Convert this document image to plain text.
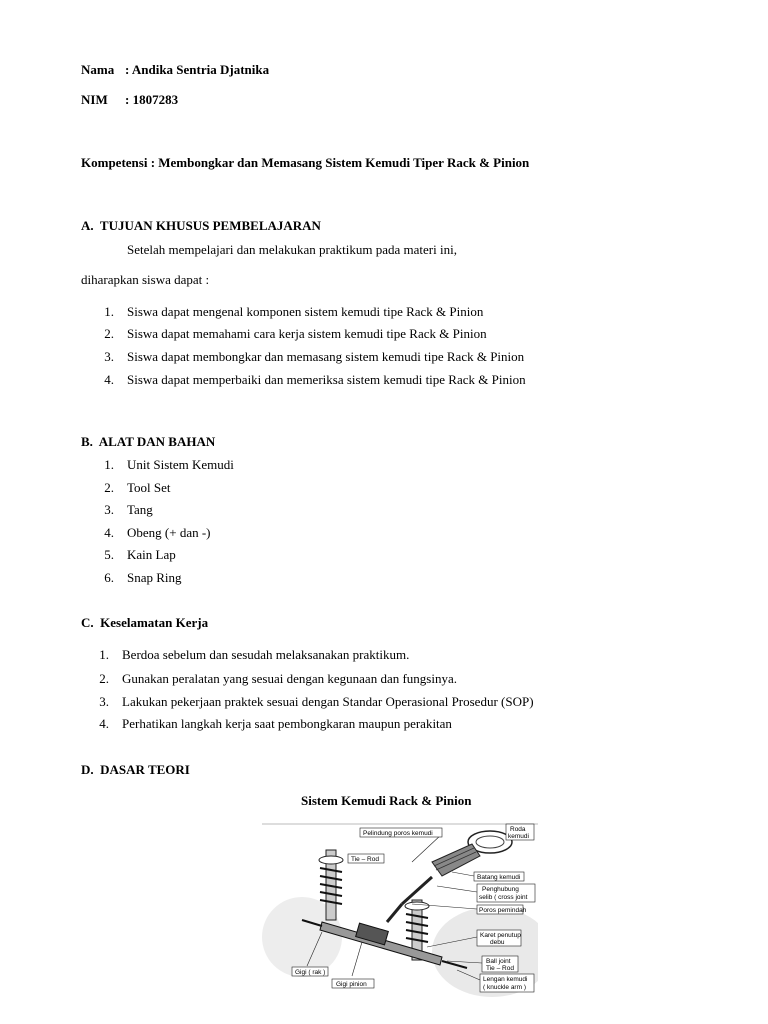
Nama : Andika Sentria Djatnika
NIM : 1807283
Kompetensi : Membongkar dan Memasang Sistem Kemudi Tiper Rack & Pinion
A. TUJUAN KHUSUS PEMBELAJARAN
Setelah mempelajari dan melakukan praktikum pada materi ini,
diharapkan siswa dapat :
1. Siswa dapat mengenal komponen sistem kemudi tipe Rack & Pinion
2. Siswa dapat memahami cara kerja sistem kemudi tipe Rack & Pinion
3. Siswa dapat membongkar dan memasang sistem kemudi tipe Rack & Pinion
4. Siswa dapat memperbaiki dan memeriksa sistem kemudi tipe Rack & Pinion
B. ALAT DAN BAHAN
1. Unit Sistem Kemudi
2. Tool Set
3. Tang
4. Obeng (+ dan -)
5. Kain Lap
6. Snap Ring
C. Keselamatan Kerja
1. Berdoa sebelum dan sesudah melaksanakan praktikum.
2. Gunakan peralatan yang sesuai dengan kegunaan dan fungsinya.
3. Lakukan pekerjaan praktek sesuai dengan Standar Operasional Prosedur (SOP)
4. Perhatikan langkah kerja saat pembongkaran maupun perakitan
D. DASAR TEORI
Sistem Kemudi Rack & Pinion
Roda
kemudi
Pelindung poros kemudi
Tie – Rod
Batang kemudi
Penghubung
selib ( cross joint
Poros pemindah
Karet penutup
debu
Ball joint
Tie – Rod
Lengan kemudi
( knuckle arm )
Gigi ( rak )
Gigi pinion
